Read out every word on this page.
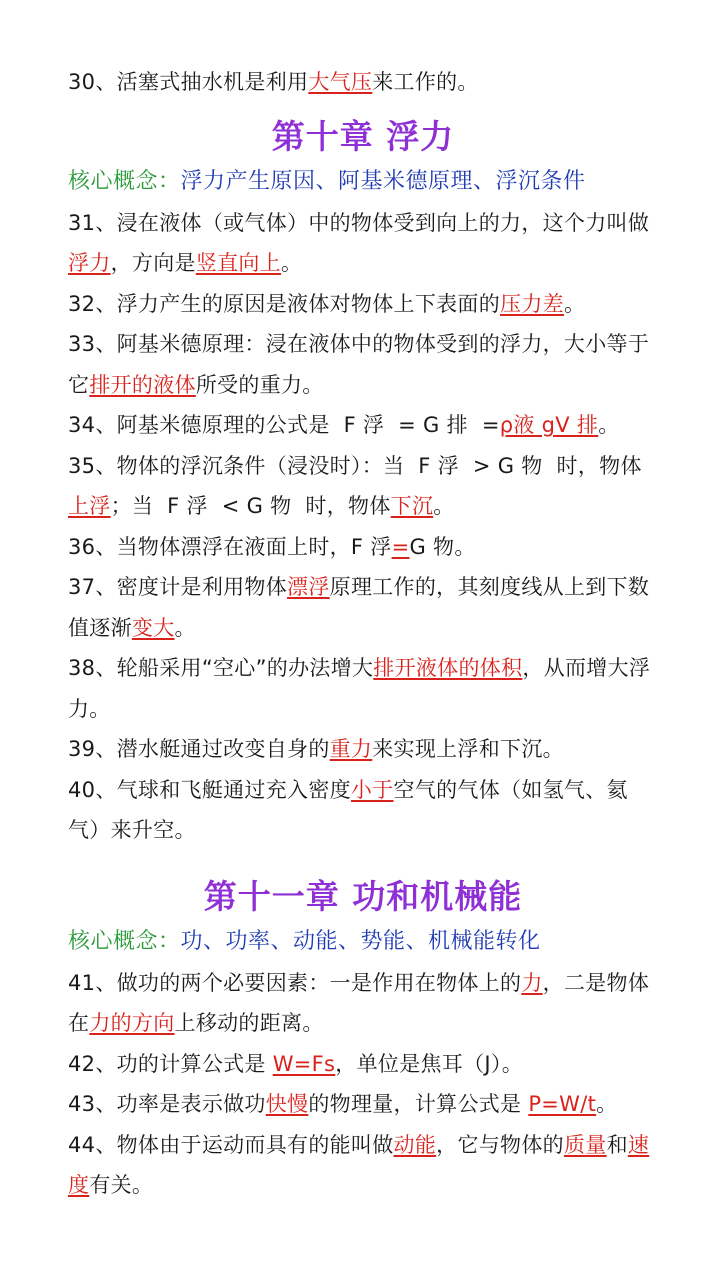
30、活塞式抽水机是利用大气压来工作的。
第十章 浮力
核心概念：浮力产生原因、阿基米德原理、浮沉条件
31、浸在液体（或气体）中的物体受到向上的力，这个力叫做浮力，方向是竖直向上。
32、浮力产生的原因是液体对物体上下表面的压力差。
33、阿基米德原理：浸在液体中的物体受到的浮力，大小等于它排开的液体所受的重力。
34、阿基米德原理的公式是  F 浮  = G 排  =ρ液 gV 排。
35、物体的浮沉条件（浸没时）：当  F 浮  > G 物  时，物体上浮；当  F 浮  < G 物  时，物体下沉。
36、当物体漂浮在液面上时，F 浮=G 物。
37、密度计是利用物体漂浮原理工作的，其刻度线从上到下数值逐渐变大。
38、轮船采用“空心”的办法增大排开液体的体积，从而增大浮力。
39、潜水艇通过改变自身的重力来实现上浮和下沉。
40、气球和飞艇通过充入密度小于空气的气体（如氢气、氦气）来升空。
第十一章 功和机械能
核心概念：功、功率、动能、势能、机械能转化
41、做功的两个必要因素：一是作用在物体上的力，二是物体在力的方向上移动的距离。
42、功的计算公式是 W=Fs，单位是焦耳（J）。
43、功率是表示做功快慢的物理量，计算公式是 P=W/t。
44、物体由于运动而具有的能叫做动能，它与物体的质量和速度有关。
